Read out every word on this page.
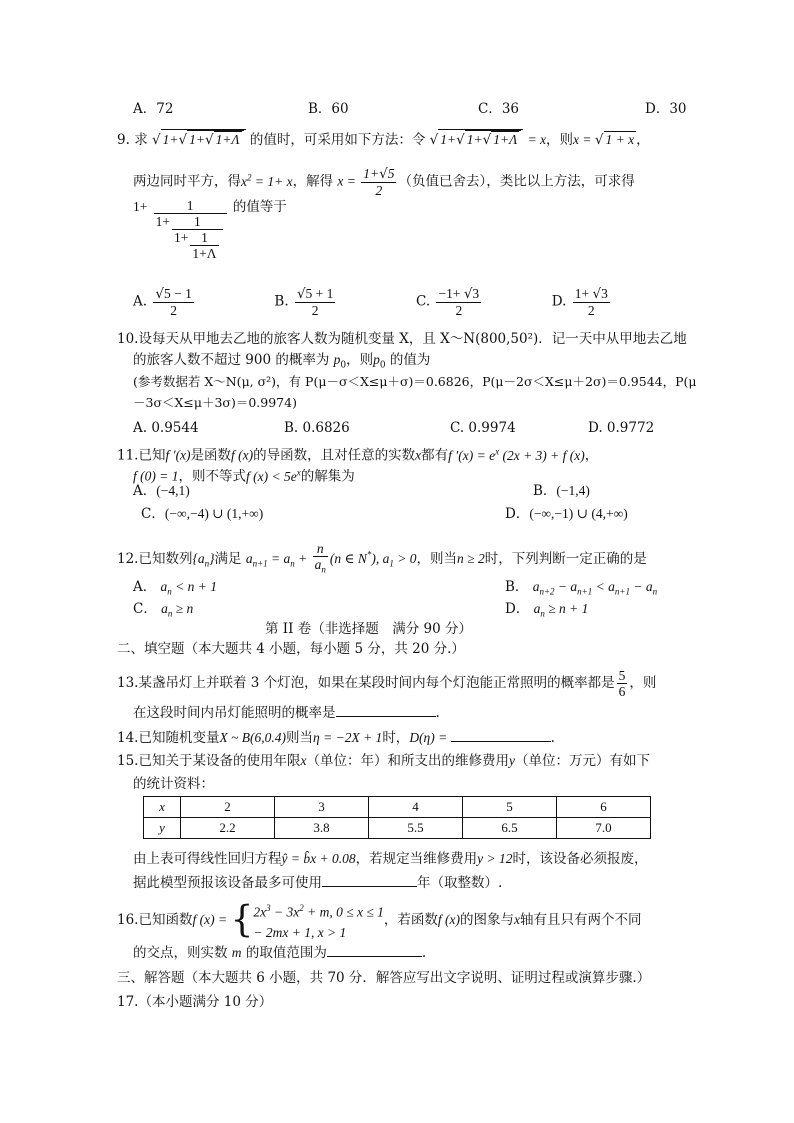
A．72	B．60	C．36	D．30
9. 求 √ 1+√ 1+√ 1+Λ 的值时，可采用如下方法：令 √ 1+√ 1+√ 1+Λ = x，则x = √ 1 + x ，
两边同时平方，得$x^2 = 1+ x$，解得 $x = \frac{1+√5}{2}$ （负值已舍去），类比以上方法，可求得
$1+ \frac{1}{1+ \frac{1}{1+ \frac{1}{1+\Lambda}}}$ 的值等于
A. $\frac{√5 - 1}{2}$	B. $\frac{√5 + 1}{2}$	C. $\frac{-1+ √3}{2}$	D. $\frac{1+ √3}{2}$
10.设每天从甲地去乙地的旅客人数为随机变量 X，且 X～N(800,50²)．记一天中从甲地去乙地
的旅客人数不超过 900 的概率为 $p_0$，则$p_0$ 的值为
(参考数据若 X～N(μ, σ²)，有 P(μ－σ＜X≤μ＋σ)＝0.6826，P(μ－2σ＜X≤μ＋2σ)＝0.9544，P(μ
－3σ＜X≤μ＋3σ)＝0.9974)
A. 0.9544	B. 0.6826	C. 0.9974	D. 0.9772
11.已知f ′(x)是函数f (x)的导函数，且对任意的实数x都有f $'(x) = e^x$ (2x + 3) + f (x)，
f (0) = 1，则不等式f $(x) < 5e^x$的解集为
A．(−4,1)	B．(−1,4)
C．(−∞,−4) ∪ (1,+∞)	D．(−∞,−1) ∪ (4,+∞)
12.已知数列$\{a_n\}$满足 $a_{n+1} = a_n + \frac{n}{a_n} (n$ ∈ N*), $a_1 > 0$，则当n ≥ 2时，下列判断一定正确的是
A． $a_n < n + 1$	B． $a_{n+2} - a_{n+1} < a_{n+1} - a_n$
C． $a_n \ge n$	D． $a_n \ge n + 1$
第 II 卷（非选择题　满分 90 分）
二、填空题（本大题共 4 小题，每小题 5 分，共 20 分.）
13.某盏吊灯上并联着 3 个灯泡，如果在某段时间内每个灯泡能正常照明的概率都是 $\frac{5}{6}$ ，则
在这段时间内吊灯能照明的概率是	.
14.已知随机变量X ~ B(6,0.4)则当η = −2X + 1时，D(η) =	.
15.已知关于某设备的使用年限x（单位：年）和所支出的维修费用y（单位：万元）有如下
的统计资料：
x	2	3	4	5	6
y	2.2	3.8	5.5	6.5	7.0
由上表可得线性回归方程ŷ = b̂x + 0.08，若规定当维修费用y > 12时，该设备必须报废，
据此模型预报该设备最多可使用	年（取整数）.
16.已知函数f (x) = { $2x^3 - 3x^2 + m$, 0 ≤ x ≤ 1
− 2mx + 1, x > 1
，若函数f (x)的图象与x轴有且只有两个不同
的交点，则实数 m 的取值范围为	.
三、解答题（本大题共 6 小题，共 70 分．解答应写出文字说明、证明过程或演算步骤.）
17.（本小题满分 10 分）
